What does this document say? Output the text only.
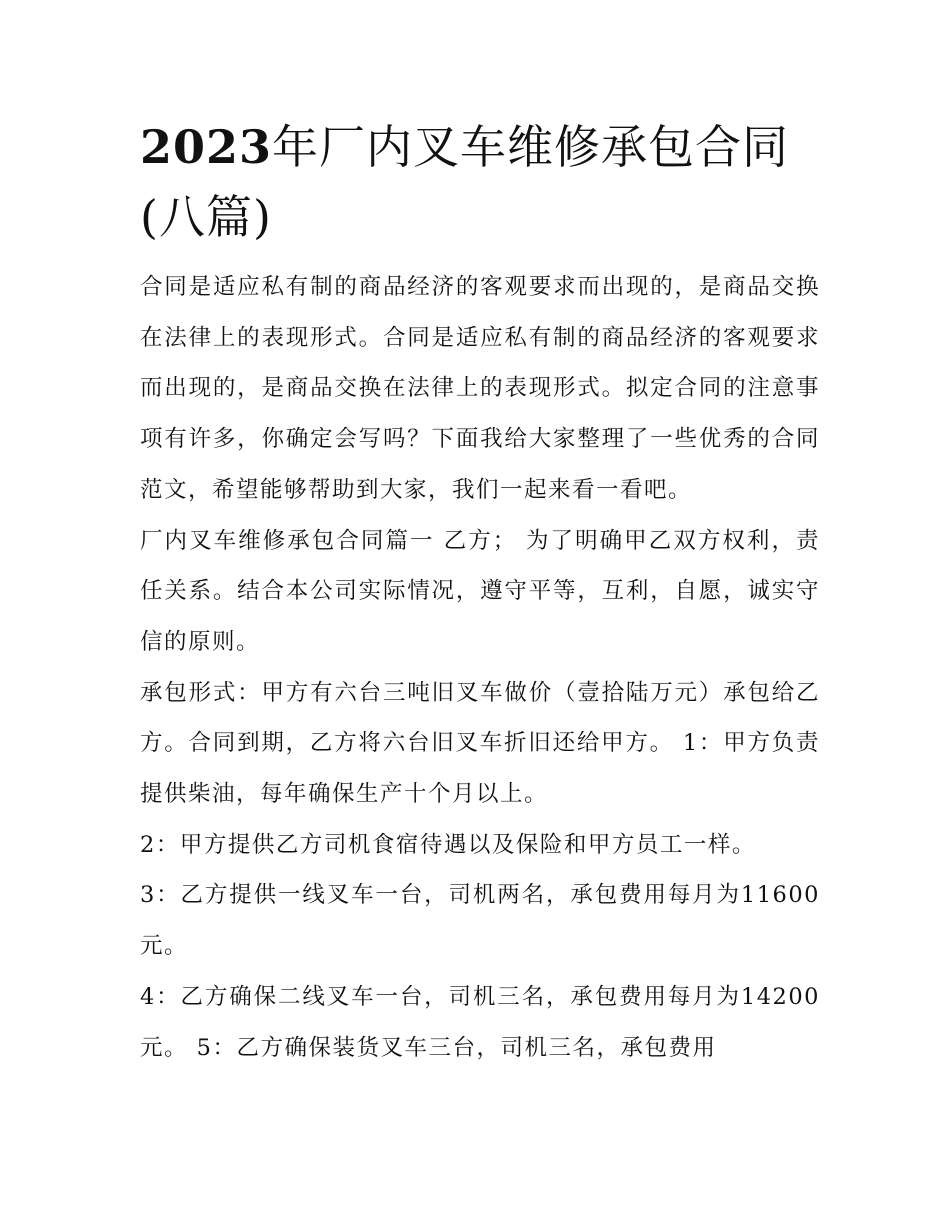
2023年厂内叉车维修承包合同(八篇)
合同是适应私有制的商品经济的客观要求而出现的，是商品交换在法律上的表现形式。合同是适应私有制的商品经济的客观要求而出现的，是商品交换在法律上的表现形式。拟定合同的注意事项有许多，你确定会写吗？下面我给大家整理了一些优秀的合同范文，希望能够帮助到大家，我们一起来看一看吧。
厂内叉车维修承包合同篇一 乙方； 为了明确甲乙双方权利，责任关系。结合本公司实际情况，遵守平等，互利，自愿，诚实守信的原则。
承包形式：甲方有六台三吨旧叉车做价（壹拾陆万元）承包给乙方。合同到期，乙方将六台旧叉车折旧还给甲方。 1：甲方负责提供柴油，每年确保生产十个月以上。
2：甲方提供乙方司机食宿待遇以及保险和甲方员工一样。
3：乙方提供一线叉车一台，司机两名，承包费用每月为11600元。
4：乙方确保二线叉车一台，司机三名，承包费用每月为14200元。 5：乙方确保装货叉车三台，司机三名，承包费用
